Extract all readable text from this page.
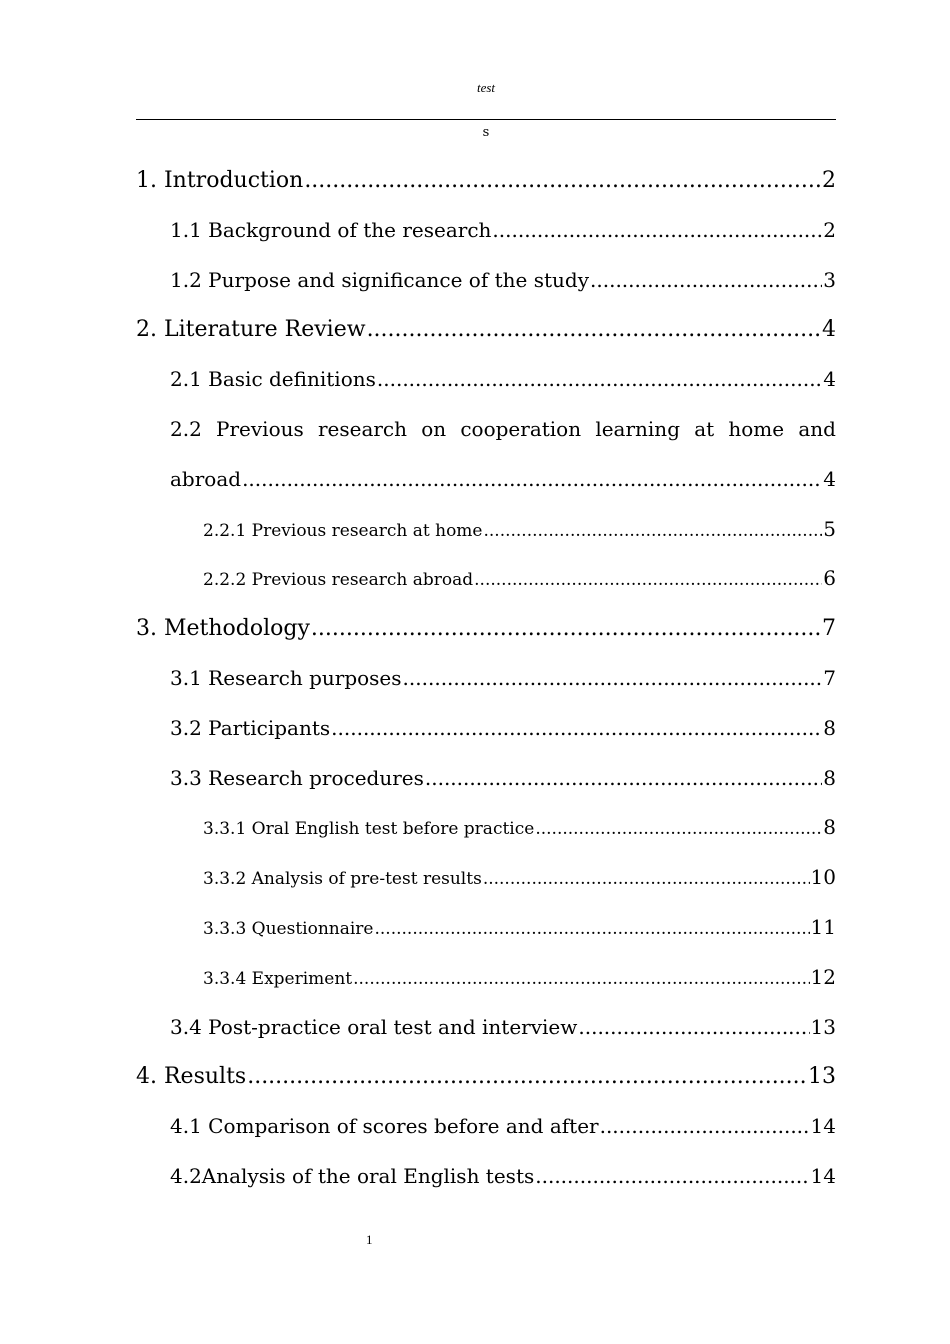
test
s
1. Introduction .....	2
1.1 Background of the research .....	2
1.2 Purpose and significance of the study .....	3
2. Literature Review .....	4
2.1 Basic definitions .....	4
2.2 Previous research on cooperation learning at home and
abroad .....	4
2.2.1 Previous research at home .....	5
2.2.2 Previous research abroad .....	6
3. Methodology .....	7
3.1 Research purposes .....	7
3.2 Participants .....	8
3.3 Research procedures .....	8
3.3.1 Oral English test before practice .....	8
3.3.2 Analysis of pre-test results .....	10
3.3.3 Questionnaire .....	11
3.3.4 Experiment .....	12
3.4 Post-practice oral test and interview .....	13
4. Results .....	13
4.1 Comparison of scores before and after .....	14
4.2Analysis of the oral English tests .....	14
1
